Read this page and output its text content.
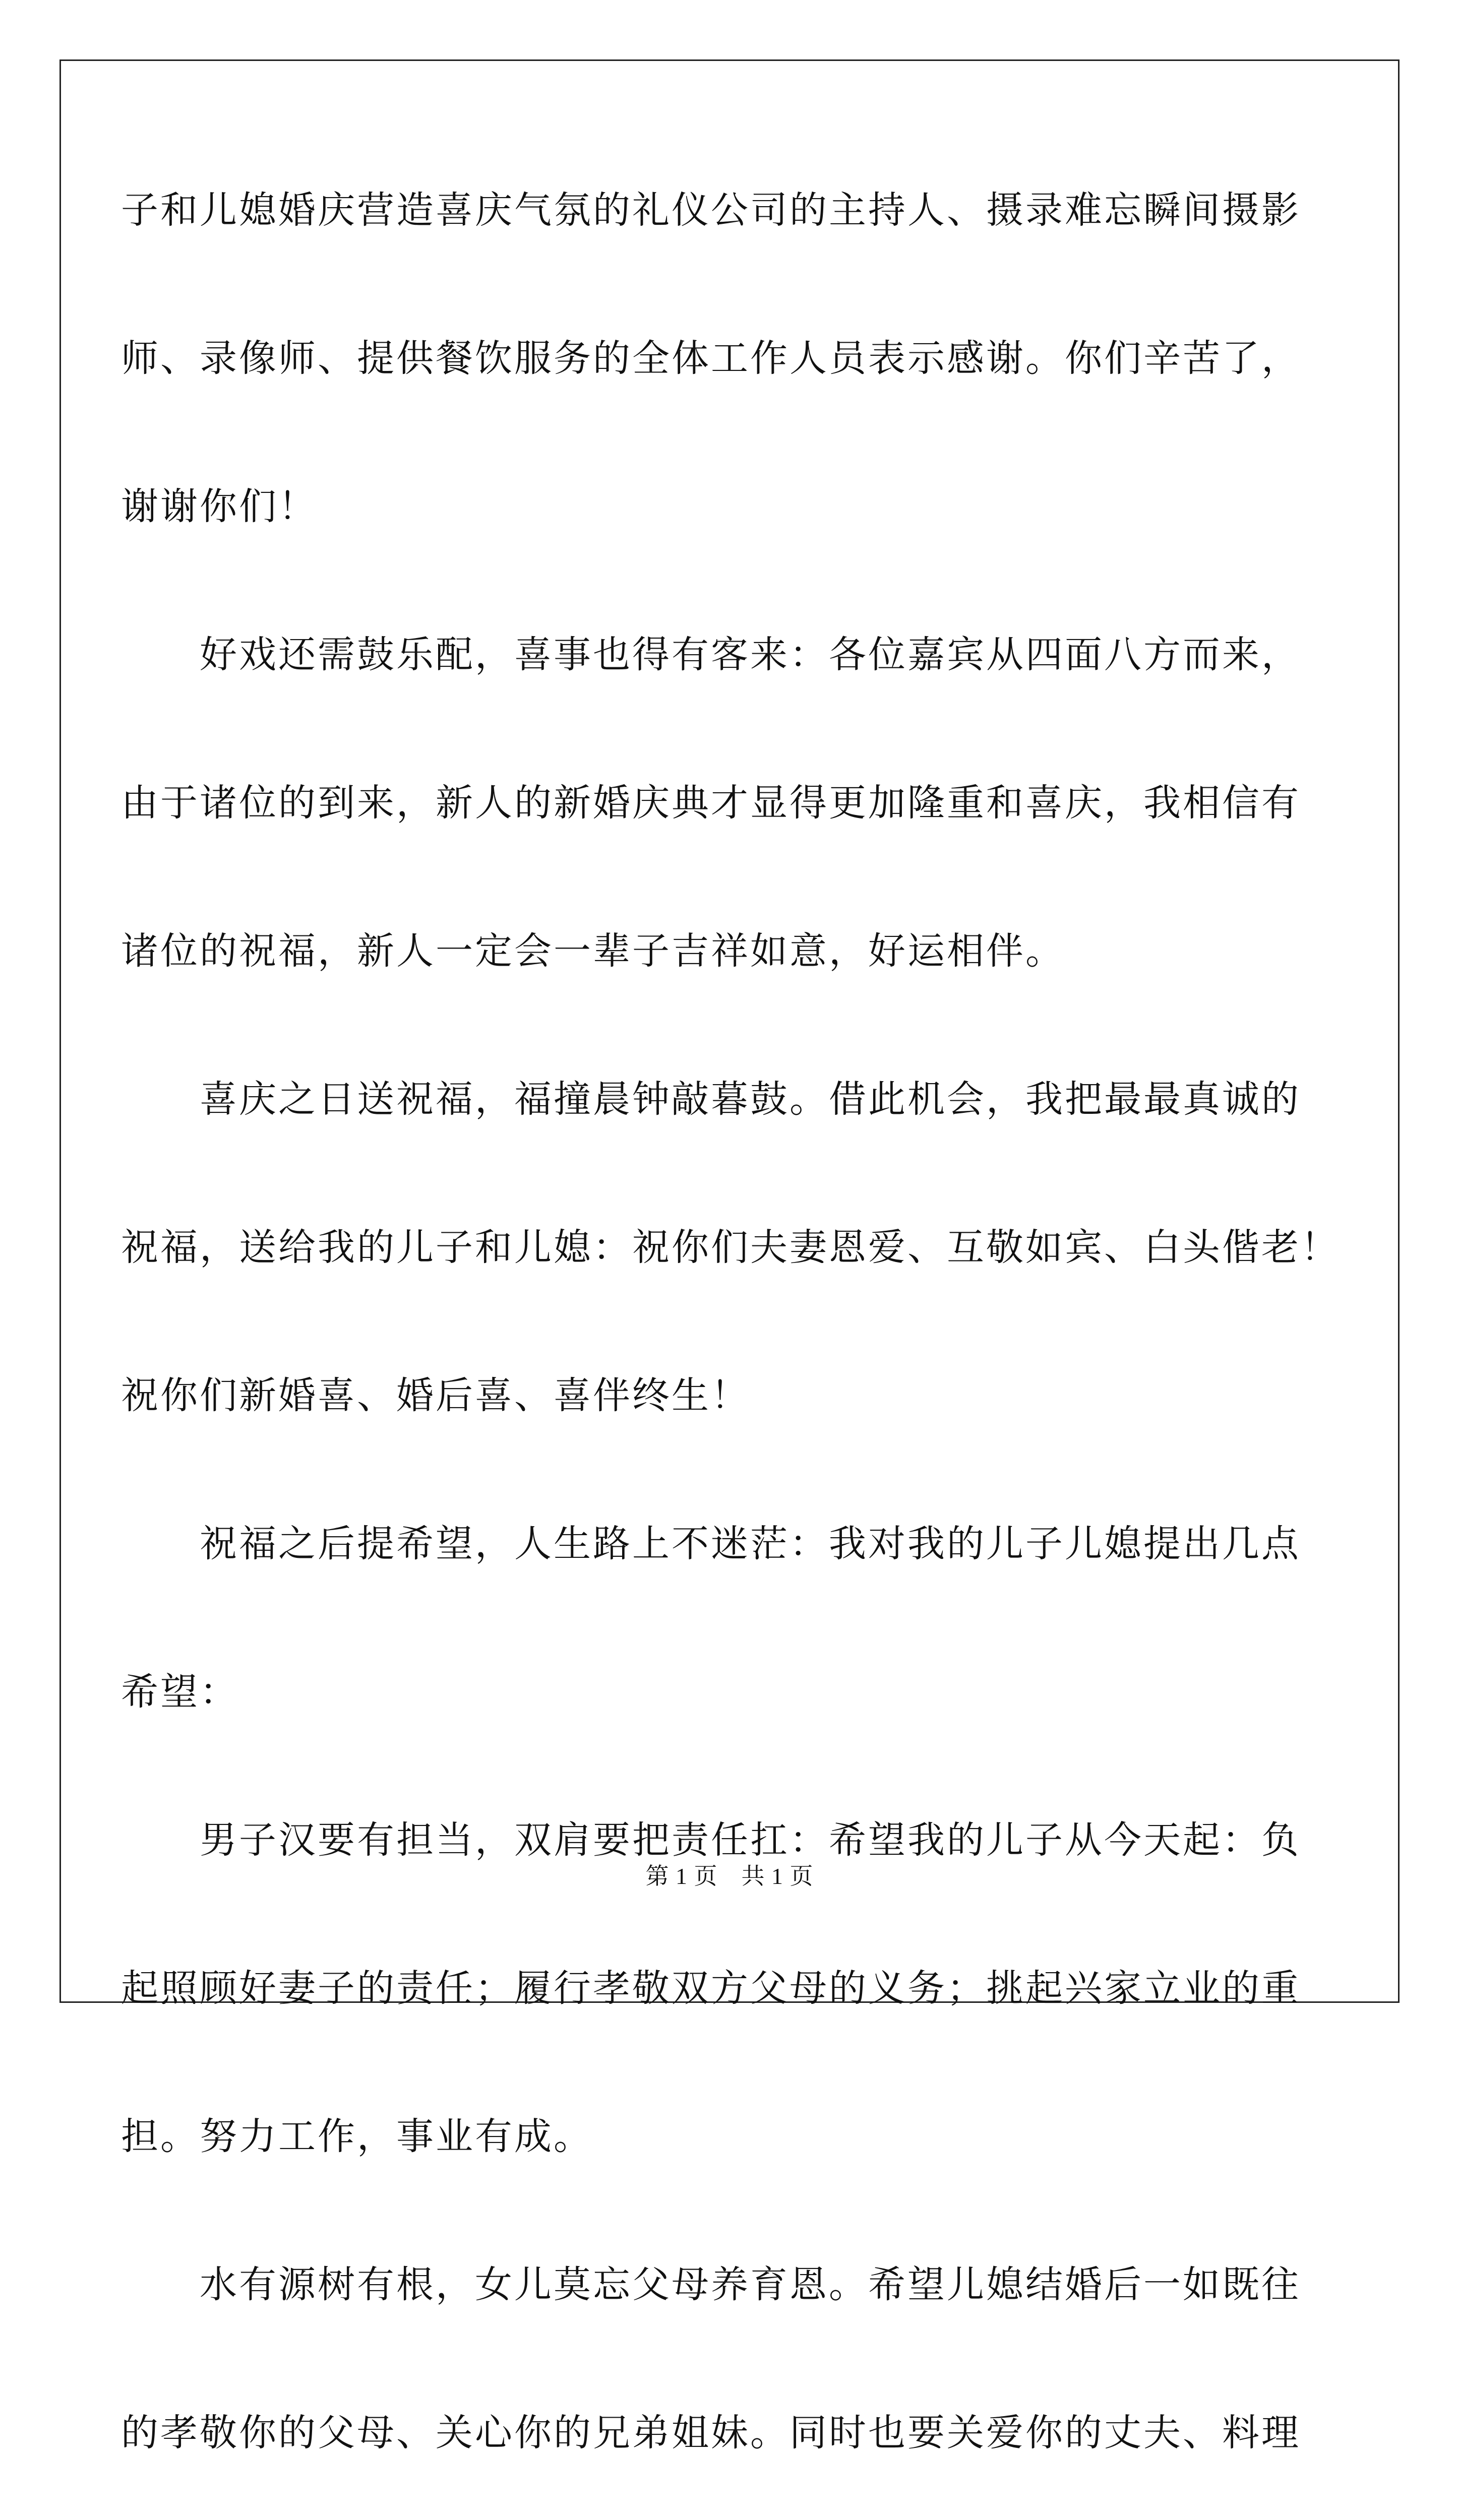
子和儿媳婚庆营造喜庆气氛的礼仪公司的主持人、摄录难忘瞬间摄影

师、录像师、提供餐饮服务的全体工作人员表示感谢。你们辛苦了，

谢谢你们！

　　好戏还需鼓乐配，喜事也得有客来：各位嘉宾从四面八方而来，

由于诸位的到来，新人的新婚庆典才显得更加隆重和喜庆，我相信有

诸位的祝福，新人一定会一辈子吉祥如意，好运相伴。

　　喜庆之日送祝福，福撞晨钟敲暮鼓。借此机会，我把最最真诚的

祝福，送给我的儿子和儿媳：祝你们夫妻恩爱、互敬如宾、白头偕老！

祝你们新婚喜、婚后喜、喜伴终生！

　　祝福之后提希望，人生路上不迷茫：我对我的儿子儿媳提出几点

希望：

　　男子汉要有担当，双肩要把责任扛：希望我的儿子从今天起：负

起照顾好妻子的责任；履行孝敬双方父母的义务；挑起兴家立业的重

担。努力工作，事业有成。

　　水有源树有根，女儿莫忘父母养育恩。希望儿媳结婚后一如既往

的孝敬你的父母、关心你的兄弟姐妹。同时也要关爱你的丈夫、料理

第 1 页　共 1 页
